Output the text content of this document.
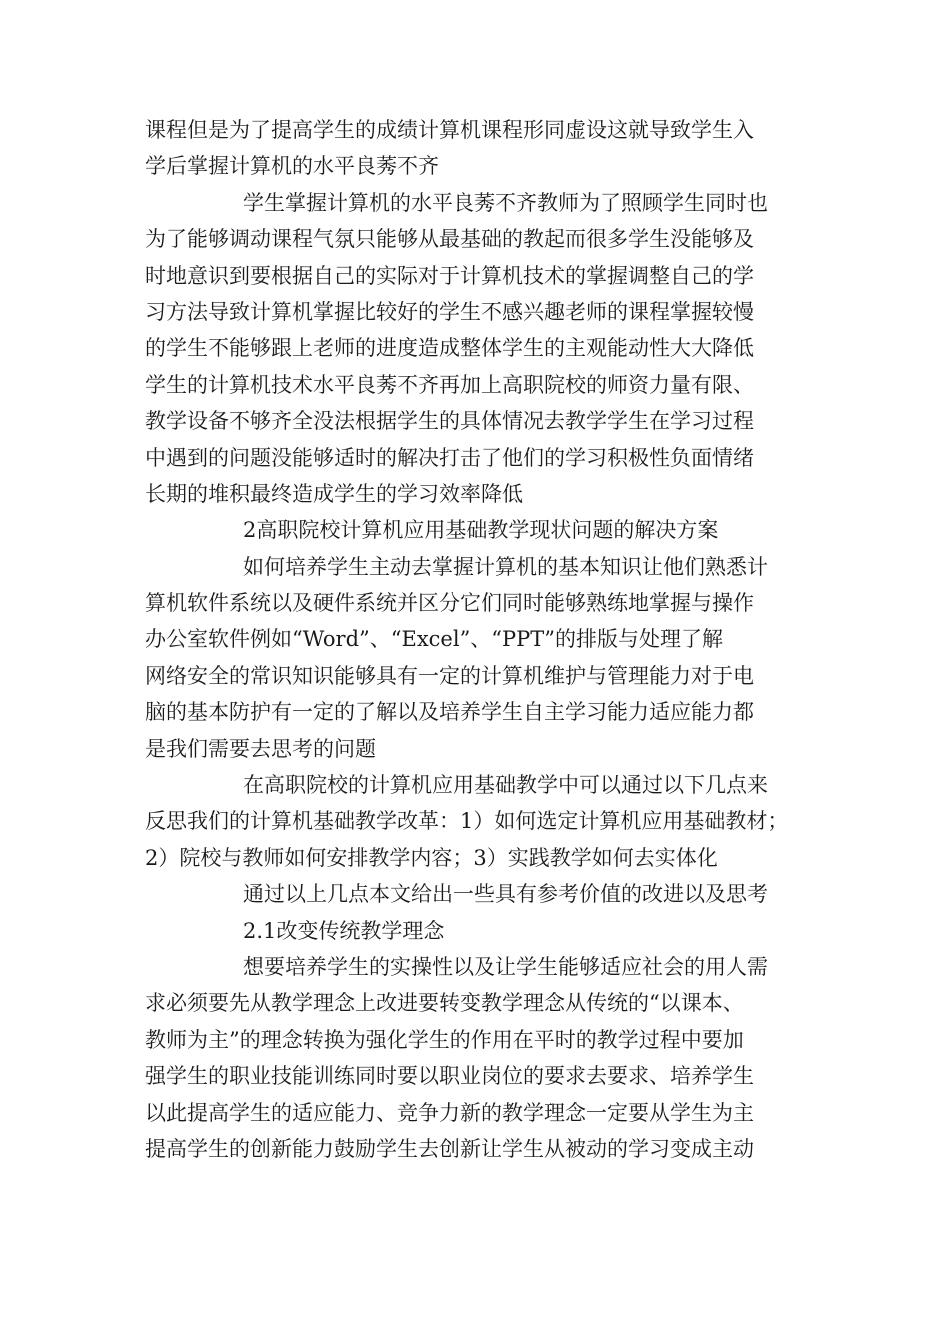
课程但是为了提高学生的成绩计算机课程形同虚设这就导致学生入
学后掌握计算机的水平良莠不齐
学生掌握计算机的水平良莠不齐教师为了照顾学生同时也
为了能够调动课程气氛只能够从最基础的教起而很多学生没能够及
时地意识到要根据自己的实际对于计算机技术的掌握调整自己的学
习方法导致计算机掌握比较好的学生不感兴趣老师的课程掌握较慢
的学生不能够跟上老师的进度造成整体学生的主观能动性大大降低
学生的计算机技术水平良莠不齐再加上高职院校的师资力量有限、
教学设备不够齐全没法根据学生的具体情况去教学学生在学习过程
中遇到的问题没能够适时的解决打击了他们的学习积极性负面情绪
长期的堆积最终造成学生的学习效率降低
2高职院校计算机应用基础教学现状问题的解决方案
如何培养学生主动去掌握计算机的基本知识让他们熟悉计
算机软件系统以及硬件系统并区分它们同时能够熟练地掌握与操作
办公室软件例如“Word”、“Excel”、“PPT”的排版与处理了解
网络安全的常识知识能够具有一定的计算机维护与管理能力对于电
脑的基本防护有一定的了解以及培养学生自主学习能力适应能力都
是我们需要去思考的问题
在高职院校的计算机应用基础教学中可以通过以下几点来
反思我们的计算机基础教学改革：1）如何选定计算机应用基础教材；
2）院校与教师如何安排教学内容；3）实践教学如何去实体化
通过以上几点本文给出一些具有参考价值的改进以及思考
2.1改变传统教学理念
想要培养学生的实操性以及让学生能够适应社会的用人需
求必须要先从教学理念上改进要转变教学理念从传统的“以课本、
教师为主”的理念转换为强化学生的作用在平时的教学过程中要加
强学生的职业技能训练同时要以职业岗位的要求去要求、培养学生
以此提高学生的适应能力、竞争力新的教学理念一定要从学生为主
提高学生的创新能力鼓励学生去创新让学生从被动的学习变成主动
